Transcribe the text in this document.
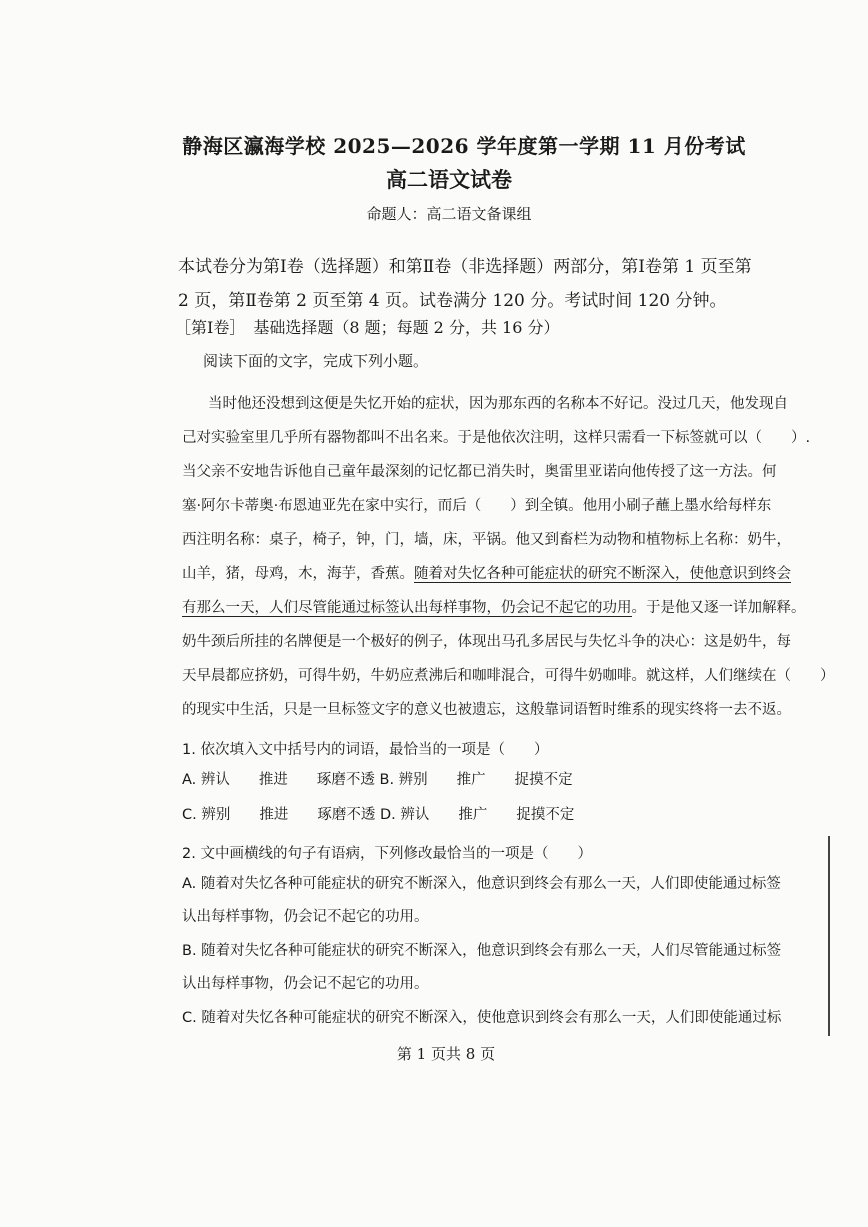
静海区瀛海学校 2025—2026 学年度第一学期 11 月份考试
高二语文试卷
命题人：高二语文备课组
本试卷分为第Ⅰ卷（选择题）和第Ⅱ卷（非选择题）两部分，第Ⅰ卷第 1 页至第
2 页，第Ⅱ卷第 2 页至第 4 页。试卷满分 120 分。考试时间 120 分钟。
［第Ⅰ卷］　基础选择题（8 题；每题 2 分，共 16 分）
阅读下面的文字，完成下列小题。
当时他还没想到这便是失忆开始的症状，因为那东西的名称本不好记。没过几天，他发现自
己对实验室里几乎所有器物都叫不出名来。于是他依次注明，这样只需看一下标签就可以（　　）.
当父亲不安地告诉他自己童年最深刻的记忆都已消失时，奥雷里亚诺向他传授了这一方法。何
塞·阿尔卡蒂奥·布恩迪亚先在家中实行，而后（　　）到全镇。他用小刷子蘸上墨水给每样东
西注明名称：桌子，椅子，钟，门，墙，床，平锅。他又到畜栏为动物和植物标上名称：奶牛，
山羊，猪，母鸡，木，海芋，香蕉。随着对失忆各种可能症状的研究不断深入，使他意识到终会
有那么一天，人们尽管能通过标签认出每样事物，仍会记不起它的功用。于是他又逐一详加解释。
奶牛颈后所挂的名牌便是一个极好的例子，体现出马孔多居民与失忆斗争的决心：这是奶牛，每
天早晨都应挤奶，可得牛奶，牛奶应煮沸后和咖啡混合，可得牛奶咖啡。就这样，人们继续在（　　）
的现实中生活，只是一旦标签文字的意义也被遗忘，这般靠词语暂时维系的现实终将一去不返。
1. 依次填入文中括号内的词语，最恰当的一项是（　　）
A. 辨认　　推进　　琢磨不透 B. 辨别　　推广　　捉摸不定
C. 辨别　　推进　　琢磨不透 D. 辨认　　推广　　捉摸不定
2. 文中画横线的句子有语病，下列修改最恰当的一项是（　　）
A. 随着对失忆各种可能症状的研究不断深入，他意识到终会有那么一天，人们即使能通过标签
认出每样事物，仍会记不起它的功用。
B. 随着对失忆各种可能症状的研究不断深入，他意识到终会有那么一天，人们尽管能通过标签
认出每样事物，仍会记不起它的功用。
C. 随着对失忆各种可能症状的研究不断深入，使他意识到终会有那么一天，人们即使能通过标
第 1 页共 8 页
